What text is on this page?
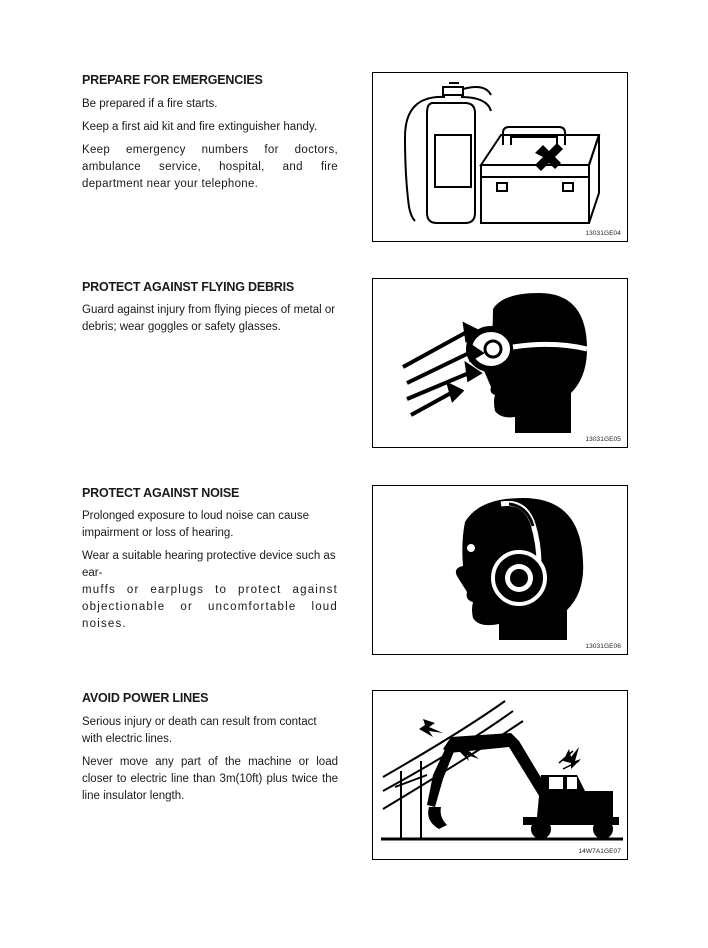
PREPARE FOR EMERGENCIES

Be prepared if a fire starts.

Keep a first aid kit and fire extinguisher handy.

Keep emergency numbers for doctors, ambulance service, hospital, and fire department near your telephone.

13031GE04
PROTECT AGAINST FLYING DEBRIS

Guard against injury from flying pieces of metal or debris; wear goggles or safety glasses.

13031GE05
PROTECT AGAINST NOISE

Prolonged exposure to loud noise can cause impairment or loss of hearing.

Wear a suitable hearing protective device such as ear-

muffs or earplugs to protect against objectionable or uncomfortable loud noises.

13031GE06
AVOID POWER LINES

Serious injury or death can result from contact with electric lines.

Never move any part of the machine or load closer to electric line than 3m(10ft) plus twice the line insulator length.

14W7A1GE07
